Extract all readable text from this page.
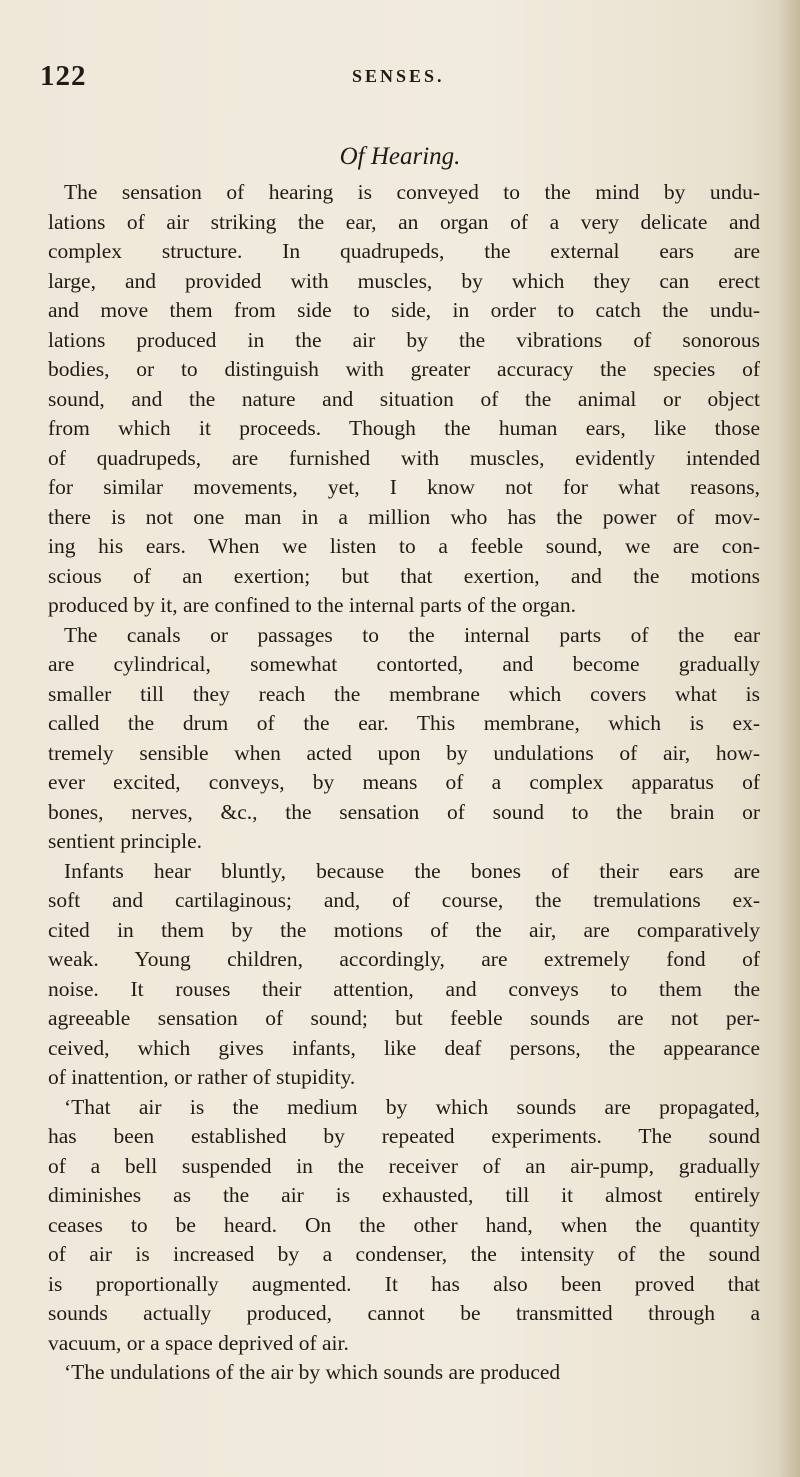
122	SENSES.
Of Hearing.
The sensation of hearing is conveyed to the mind by undu-
lations of air striking the ear, an organ of a very delicate and
complex structure. In quadrupeds, the external ears are
large, and provided with muscles, by which they can erect
and move them from side to side, in order to catch the undu-
lations produced in the air by the vibrations of sonorous
bodies, or to distinguish with greater accuracy the species of
sound, and the nature and situation of the animal or object
from which it proceeds. Though the human ears, like those
of quadrupeds, are furnished with muscles, evidently intended
for similar movements, yet, I know not for what reasons,
there is not one man in a million who has the power of mov-
ing his ears. When we listen to a feeble sound, we are con-
scious of an exertion; but that exertion, and the motions
produced by it, are confined to the internal parts of the organ.
The canals or passages to the internal parts of the ear
are cylindrical, somewhat contorted, and become gradually
smaller till they reach the membrane which covers what is
called the drum of the ear. This membrane, which is ex-
tremely sensible when acted upon by undulations of air, how-
ever excited, conveys, by means of a complex apparatus of
bones, nerves, &c., the sensation of sound to the brain or
sentient principle.
Infants hear bluntly, because the bones of their ears are
soft and cartilaginous; and, of course, the tremulations ex-
cited in them by the motions of the air, are comparatively
weak. Young children, accordingly, are extremely fond of
noise. It rouses their attention, and conveys to them the
agreeable sensation of sound; but feeble sounds are not per-
ceived, which gives infants, like deaf persons, the appearance
of inattention, or rather of stupidity.
‘That air is the medium by which sounds are propagated,
has been established by repeated experiments. The sound
of a bell suspended in the receiver of an air-pump, gradually
diminishes as the air is exhausted, till it almost entirely
ceases to be heard. On the other hand, when the quantity
of air is increased by a condenser, the intensity of the sound
is proportionally augmented. It has also been proved that
sounds actually produced, cannot be transmitted through a
vacuum, or a space deprived of air.
‘The undulations of the air by which sounds are produced
